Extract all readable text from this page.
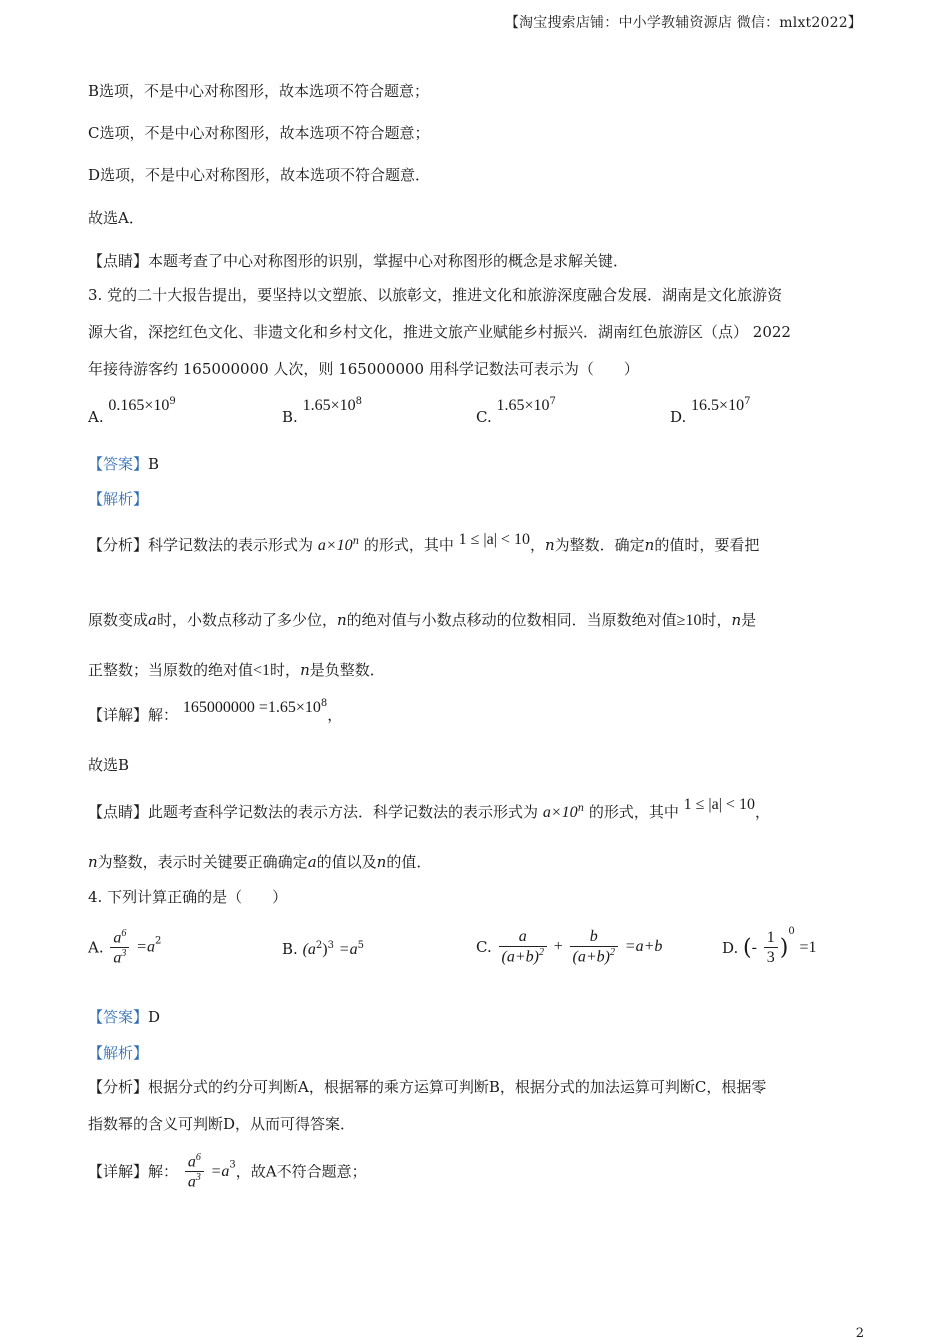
【淘宝搜索店铺：中小学教辅资源店 微信：mlxt2022】
B选项，不是中心对称图形，故本选项不符合题意；
C选项，不是中心对称图形，故本选项不符合题意；
D选项，不是中心对称图形，故本选项不符合题意．
故选A．
【点睛】本题考查了中心对称图形的识别，掌握中心对称图形的概念是求解关键．
3. 党的二十大报告提出，要坚持以文塑旅、以旅彰文，推进文化和旅游深度融合发展．湖南是文化旅游资
源大省，深挖红色文化、非遗文化和乡村文化，推进文旅产业赋能乡村振兴．湖南红色旅游区（点） 2022
年接待游客约 165000000 人次，则 165000000 用科学记数法可表示为（　　）
A. $0.165\times 10^9$
B. $1.65\times 10^8$
C. $1.65\times 10^7$
D. $16.5\times 10^7$
【答案】B
【解析】
【分析】科学记数法的表示形式为 $a\times 10^n$ 的形式，其中 1 ≤ |a| < 10，n为整数．确定n的值时，要看把
原数变成a时，小数点移动了多少位，n的绝对值与小数点移动的位数相同．当原数绝对值≥10时，n是
正整数；当原数的绝对值<1时，n是负整数．
【详解】解： $165000000 =1.65\times 10^8$，
故选B
【点睛】此题考查科学记数法的表示方法．科学记数法的表示形式为 $a\times 10^n$ 的形式，其中 1 ≤ |a| < 10，
n为整数，表示时关键要正确确定a的值以及n的值．
4. 下列计算正确的是（　　）
A. $\frac{a^6}{a^3} =a^2$	B. $(a^2)^3 =a^5$	C. $\frac{a}{(a+b)^2} + \frac{b}{(a+b)^2} =a+b$	D. (- $\frac{1}{3} )^0 =1$
【答案】D
【解析】
【分析】根据分式的约分可判断A，根据幂的乘方运算可判断B，根据分式的加法运算可判断C，根据零
指数幂的含义可判断D，从而可得答案．
【详解】解： $\frac{a^6}{a^3} =a^3$，故A不符合题意；
2
